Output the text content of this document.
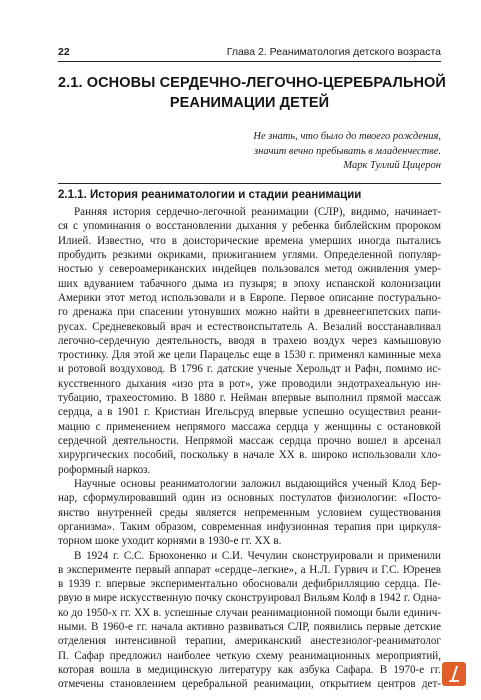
22	Глава 2. Реаниматология детского возраста
2.1. ОСНОВЫ СЕРДЕЧНО-ЛЕГОЧНО-ЦЕРЕБРАЛЬНОЙ
РЕАНИМАЦИИ ДЕТЕЙ
Не знать, что было до твоего рождения,
значит вечно пребывать в младенчестве.
Марк Туллий Цицерон
2.1.1. История реаниматологии и стадии реанимации
Ранняя история сердечно-легочной реанимации (СЛР), видимо, начинает-
ся с упоминания о восстановлении дыхания у ребенка библейским пророком
Илией. Известно, что в доисторические времена умерших иногда пытались
пробудить резкими окриками, прижиганием углями. Определенной популяр-
ностью у североамериканских индейцев пользовался метод оживления умер-
ших вдуванием табачного дыма из пузыря; в эпоху испанской колонизации
Америки этот метод использовали и в Европе. Первое описание постурально-
го дренажа при спасении утонувших можно найти в древнеегипетских папи-
русах. Средневековый врач и естествоиспытатель А. Везалий восстанавливал
легочно-сердечную деятельность, вводя в трахею воздух через камышовую
тростинку. Для этой же цели Парацельс еще в 1530 г. применял каминные меха
и ротовой воздуховод. В 1796 г. датские ученые Херольдт и Рафн, помимо ис-
кусственного дыхания «изо рта в рот», уже проводили эндотрахеальную ин-
тубацию, трахеостомию. В 1880 г. Нейман впервые выполнил прямой массаж
сердца, а в 1901 г. Кристиан Игельсруд впервые успешно осуществил реани-
мацию с применением непрямого массажа сердца у женщины с остановкой
сердечной деятельности. Непрямой массаж сердца прочно вошел в арсенал
хирургических пособий, поскольку в начале XX в. широко использовали хло-
роформный наркоз.
Научные основы реаниматологии заложил выдающийся ученый Клод Бер-
нар, сформулировавший один из основных постулатов физиологии: «Посто-
янство внутренней среды является непременным условием существования
организма». Таким образом, современная инфузионная терапия при циркуля-
торном шоке уходит корнями в 1930-е гг. XX в.
В 1924 г. С.С. Брюхоненко и С.И. Чечулин сконструировали и применили
в эксперименте первый аппарат «сердце–легкие», а Н.Л. Гурвич и Г.С. Юренев
в 1939 г. впервые экспериментально обосновали дефибрилляцию сердца. Пе-
рвую в мире искусственную почку сконструировал Вильям Колф в 1942 г. Одна-
ко до 1950-х гг. XX в. успешные случаи реанимационной помощи были единич-
ными. В 1960-е гг. начала активно развиваться СЛР, появились первые детские
отделения интенсивной терапии, американский анестезиолог-реаниматолог
П. Сафар предложил наиболее четкую схему реанимационных мероприятий,
которая вошла в медицинскую литературу как азбука Сафара. В 1970-е гг.
отмечены становлением церебральной реанимации, открытием центров дет-
